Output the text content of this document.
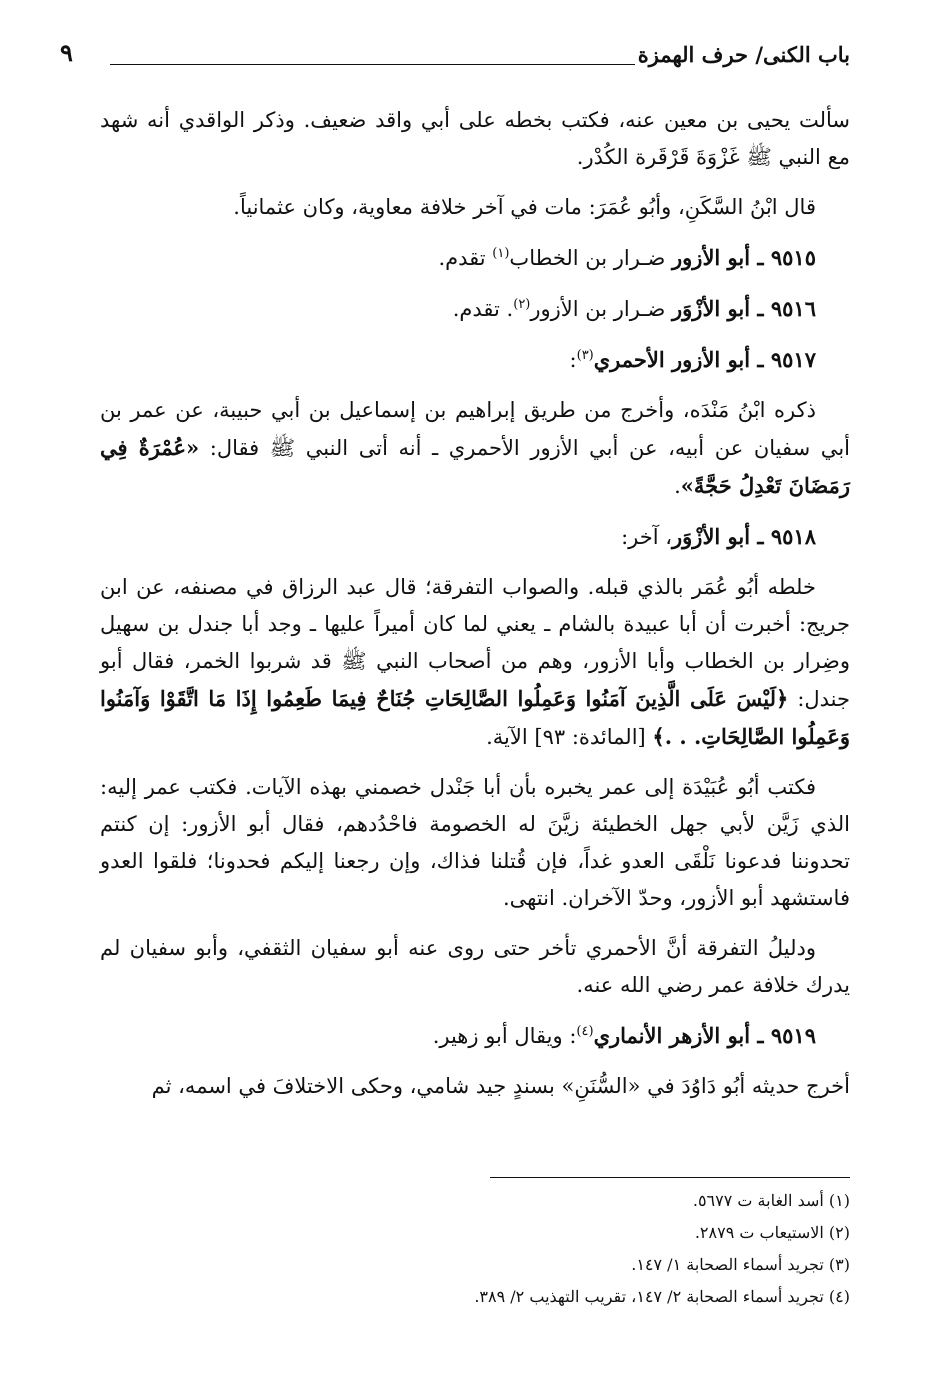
باب الكنى/ حرف الهمزة
٩

سألت يحيى بن معين عنه، فكتب بخطه على أبي واقد ضعيف. وذكر الواقدي أنه شهد مع النبي ﷺ غَزْوَةَ قَرْقَرة الكُدْر.

قال ابْنُ السَّكَنِ، وأبُو عُمَرَ: مات في آخر خلافة معاوية، وكان عثمانياً.

٩٥١٥ ـ أبو الأزور ضـرار بن الخطاب$^{(١)}$ تقدم.

٩٥١٦ ـ أبو الأزْوَر ضـرار بن الأزور$^{(٢)}$. تقدم.

٩٥١٧ ـ أبو الأزور الأحمري$^{(٣)}$:

ذكره ابْنُ مَنْدَه، وأخرج من طريق إبراهيم بن إسماعيل بن أبي حبيبة، عن عمر بن أبي سفيان عن أبيه، عن أبي الأزور الأحمري ـ أنه أتى النبي ﷺ فقال: «عُمْرَةٌ فِي رَمَضَانَ تَعْدِلُ حَجَّةً».

٩٥١٨ ـ أبو الأزْوَر، آخر:

خلطه أبُو عُمَر بالذي قبله. والصواب التفرقة؛ قال عبد الرزاق في مصنفه، عن ابن جريج: أخبرت أن أبا عبيدة بالشام ـ يعني لما كان أميراً عليها ـ وجد أبا جندل بن سهيل وضِرار بن الخطاب وأبا الأزور، وهم من أصحاب النبي ﷺ قد شربوا الخمر، فقال أبو جندل: ﴿لَيْسَ عَلَى الَّذِينَ آمَنُوا وَعَمِلُوا الصَّالِحَاتِ جُنَاحٌ فِيمَا طَعِمُوا إِذَا مَا اتَّقَوْا وَآمَنُوا وَعَمِلُوا الصَّالِحَاتِ. . .﴾ [المائدة: ٩٣] الآية.

فكتب أبُو عُبَيْدَة إلى عمر يخبره بأن أبا جَنْدل خصمني بهذه الآيات. فكتب عمر إليه: الذي زَيَّن لأبي جهل الخطيئة زيَّنَ له الخصومة فاحْدُدهم، فقال أبو الأزور: إن كنتم تحدوننا فدعونا نَلْقَى العدو غداً، فإن قُتلنا فذاك، وإن رجعنا إليكم فحدونا؛ فلقوا العدو فاستشهد أبو الأزور، وحدّ الآخران. انتهى.

ودليلُ التفرقة أنَّ الأحمري تأخر حتى روى عنه أبو سفيان الثقفي، وأبو سفيان لم يدرك خلافة عمر رضي الله عنه.

٩٥١٩ ـ أبو الأزهر الأنماري$^{(٤)}$: ويقال أبو زهير.

أخرج حديثه أبُو دَاوُدَ في «السُّنَنِ» بسندٍ جيد شامي، وحكى الاختلافَ في اسمه، ثم

(١) أسد الغابة ت ٥٦٧٧.

(٢) الاستيعاب ت ٢٨٧٩.

(٣) تجريد أسماء الصحابة ١/ ١٤٧.

(٤) تجريد أسماء الصحابة ٢/ ١٤٧، تقريب التهذيب ٢/ ٣٨٩.
